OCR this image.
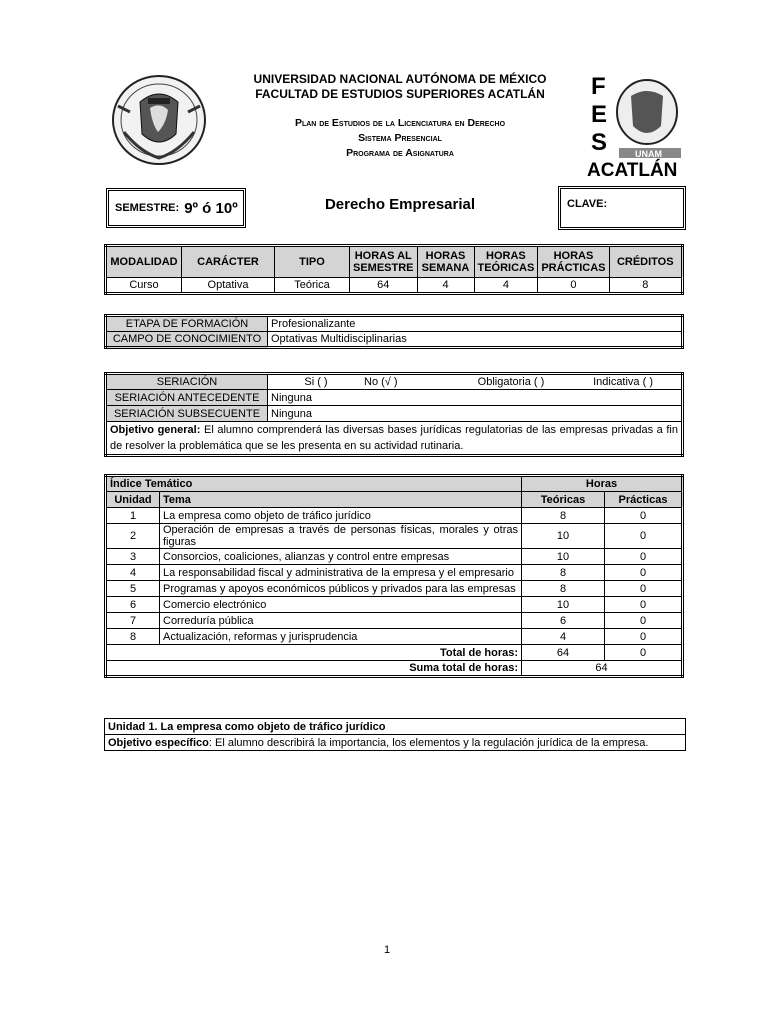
UNIVERSIDAD NACIONAL AUTÓNOMA DE MÉXICO
FACULTAD DE ESTUDIOS SUPERIORES ACATLÁN
Plan de Estudios de la Licenciatura en Derecho
Sistema Presencial
Programa de Asignatura
F
E
S	UNAM
ACATLÁN
SEMESTRE: 9º ó 10º	Derecho Empresarial	CLAVE:
MODALIDAD	CARÁCTER	TIPO	HORAS AL SEMESTRE	HORAS SEMANA	HORAS TEÓRICAS	HORAS PRÁCTICAS	CRÉDITOS
Curso	Optativa	Teórica	64	4	4	0	8
ETAPA DE FORMACIÓN	Profesionalizante
CAMPO DE CONOCIMIENTO	Optativas Multidisciplinarias
SERIACIÓN	Si ( ) No (√ ) Obligatoria ( ) Indicativa ( )

SERIACIÓN ANTECEDENTE	Ninguna
SERIACIÓN SUBSECUENTE	Ninguna
Objetivo general: El alumno comprenderá las diversas bases jurídicas regulatorias de las empresas privadas a fin de resolver la problemática que se les presenta en su actividad rutinaria.	
Índice Temático		Horas	
Unidad	Tema	Teóricas	Prácticas
1	La empresa como objeto de tráfico jurídico	8	0
2	Operación de empresas a través de personas físicas, morales y otras figuras	10	0
3	Consorcios, coaliciones, alianzas y control entre empresas	10	0
4	La responsabilidad fiscal y administrativa de la empresa y el empresario	8	0
5	Programas y apoyos económicos públicos y privados para las empresas	8	0
6	Comercio electrónico	10	0
7	Correduría pública	6	0
8	Actualización, reformas y jurisprudencia	4	0
Total de horas:		64	0
Suma total de horas:		64	
Unidad 1. La empresa como objeto de tráfico jurídico
Objetivo específico: El alumno describirá la importancia, los elementos y la regulación jurídica de la empresa.
1
